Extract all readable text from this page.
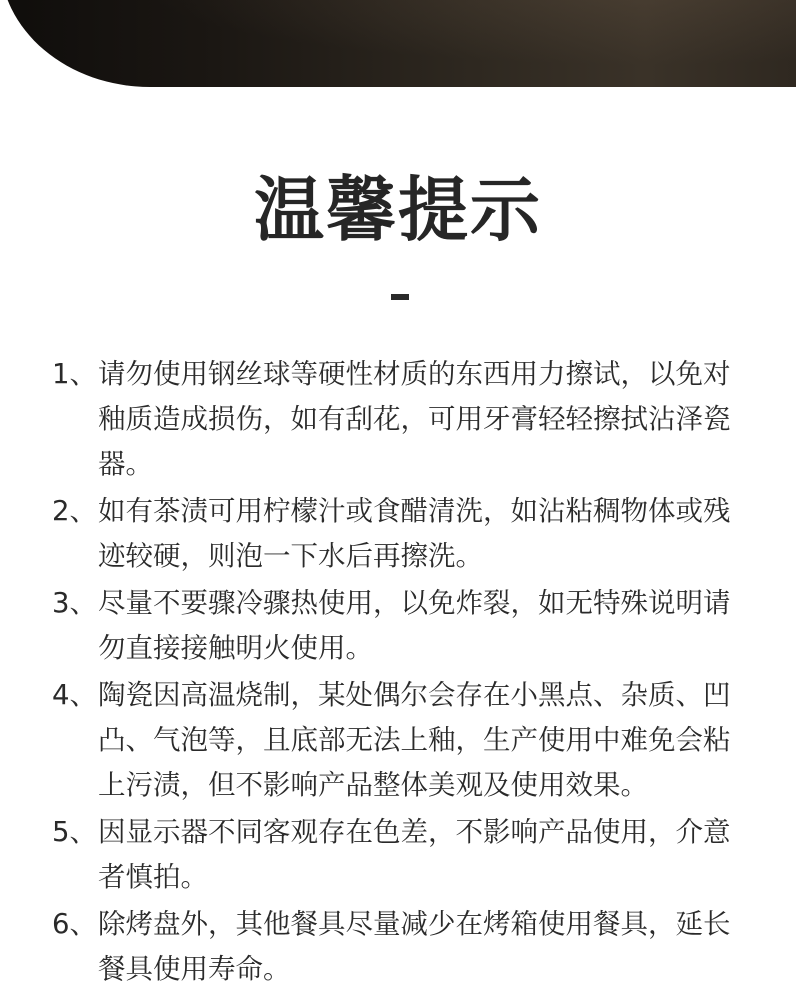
温馨提示
1、 请勿使用钢丝球等硬性材质的东西用力擦试，以免对釉质造成损伤，如有刮花，可用牙膏轻轻擦拭沾泽瓷器。
2、 如有茶渍可用柠檬汁或食醋清洗，如沾粘稠物体或残迹较硬，则泡一下水后再擦洗。
3、 尽量不要骤冷骤热使用，以免炸裂，如无特殊说明请勿直接接触明火使用。
4、 陶瓷因高温烧制，某处偶尔会存在小黑点、杂质、凹凸、气泡等，且底部无法上釉，生产使用中难免会粘上污渍，但不影响产品整体美观及使用效果。
5、 因显示器不同客观存在色差，不影响产品使用，介意者慎拍。
6、 除烤盘外，其他餐具尽量减少在烤箱使用餐具，延长餐具使用寿命。
